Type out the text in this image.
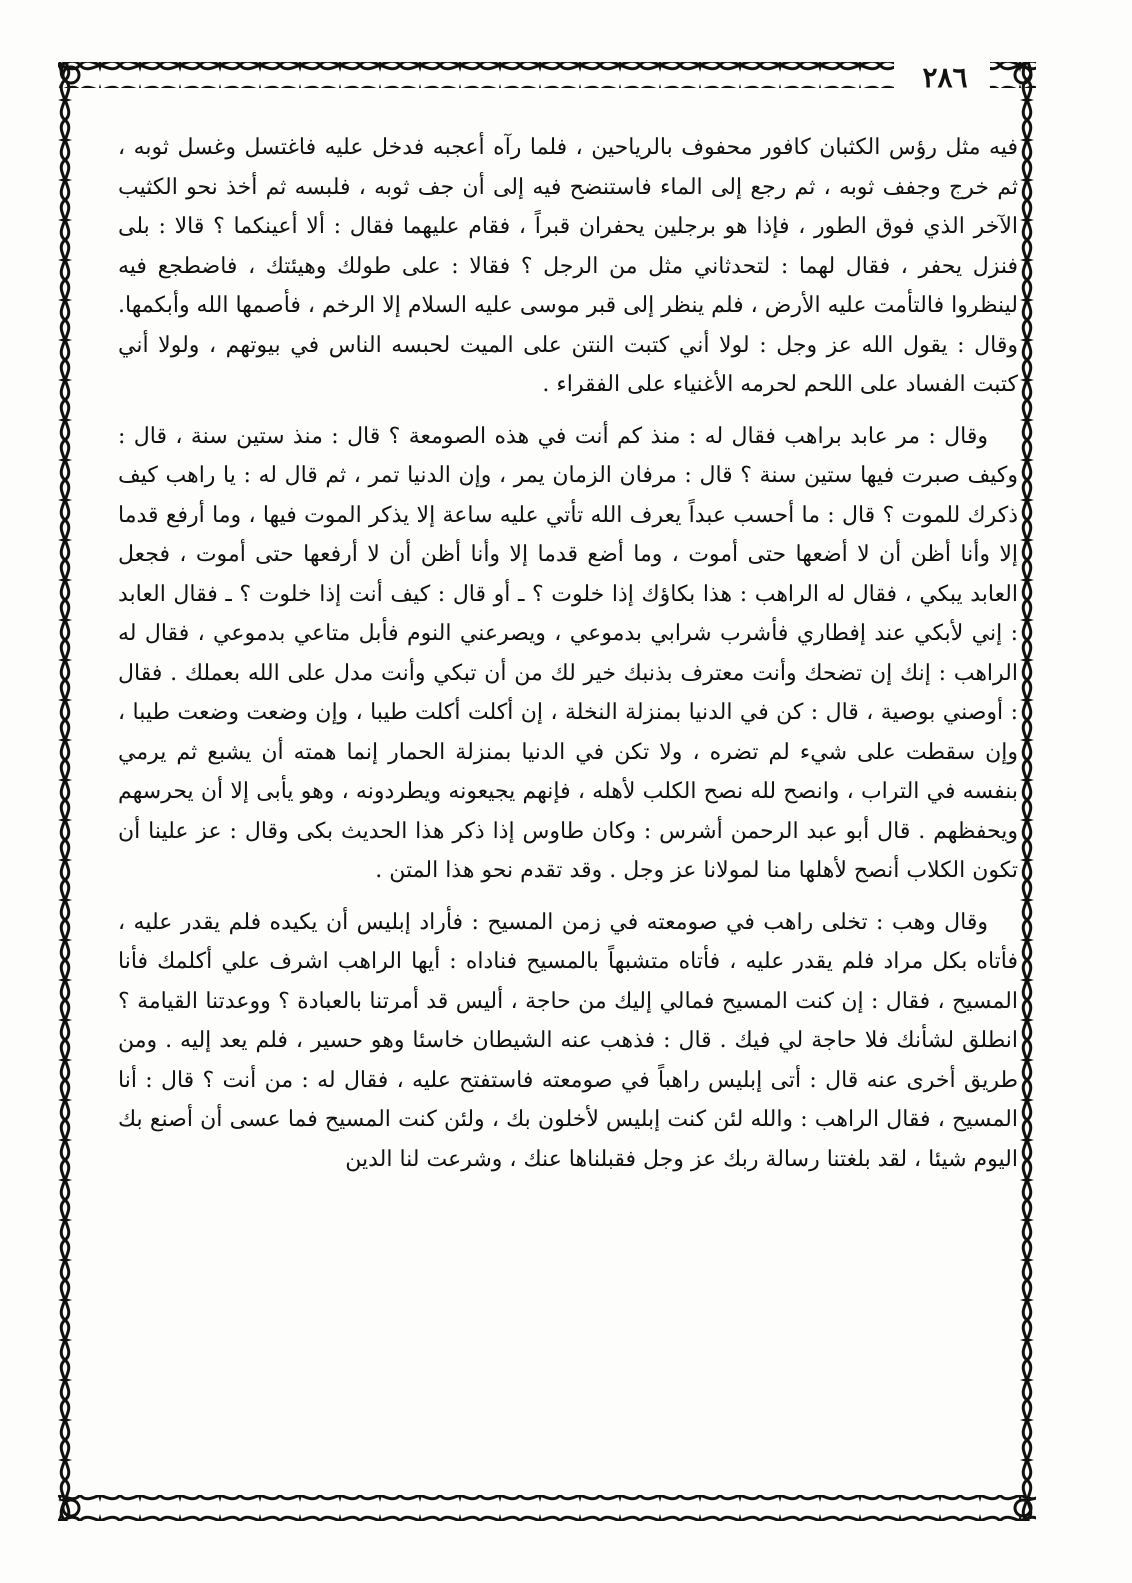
٢٨٦

فيه مثل رؤس الكثبان كافور محفوف بالرياحين ، فلما رآه أعجبه فدخل عليه فاغتسل وغسل ثوبه ، ثم خرج وجفف ثوبه ، ثم رجع إلى الماء فاستنضح فيه إلى أن جف ثوبه ، فلبسه ثم أخذ نحو الكثيب الآخر الذي فوق الطور ، فإذا هو برجلين يحفران قبراً ، فقام عليهما فقال : ألا أعينكما ؟ قالا : بلى فنزل يحفر ، فقال لهما : لتحدثاني مثل من الرجل ؟ فقالا : على طولك وهيئتك ، فاضطجع فيه لينظروا فالتأمت عليه الأرض ، فلم ينظر إلى قبر موسى عليه السلام إلا الرخم ، فأصمها الله وأبكمها. وقال : يقول الله عز وجل : لولا أني كتبت النتن على الميت لحبسه الناس في بيوتهم ، ولولا أني كتبت الفساد على اللحم لحرمه الأغنياء على الفقراء .

وقال : مر عابد براهب فقال له : منذ كم أنت في هذه الصومعة ؟ قال : منذ ستين سنة ، قال : وكيف صبرت فيها ستين سنة ؟ قال : مرفان الزمان يمر ، وإن الدنيا تمر ، ثم قال له : يا راهب كيف ذكرك للموت ؟ قال : ما أحسب عبداً يعرف الله تأتي عليه ساعة إلا يذكر الموت فيها ، وما أرفع قدما إلا وأنا أظن أن لا أضعها حتى أموت ، وما أضع قدما إلا وأنا أظن أن لا أرفعها حتى أموت ، فجعل العابد يبكي ، فقال له الراهب : هذا بكاؤك إذا خلوت ؟ ـ أو قال : كيف أنت إذا خلوت ؟ ـ فقال العابد : إني لأبكي عند إفطاري فأشرب شرابي بدموعي ، ويصرعني النوم فأبل متاعي بدموعي ، فقال له الراهب : إنك إن تضحك وأنت معترف بذنبك خير لك من أن تبكي وأنت مدل على الله بعملك . فقال : أوصني بوصية ، قال : كن في الدنيا بمنزلة النخلة ، إن أكلت أكلت طيبا ، وإن وضعت وضعت طيبا ، وإن سقطت على شيء لم تضره ، ولا تكن في الدنيا بمنزلة الحمار إنما همته أن يشبع ثم يرمي بنفسه في التراب ، وانصح لله نصح الكلب لأهله ، فإنهم يجيعونه ويطردونه ، وهو يأبى إلا أن يحرسهم ويحفظهم . قال أبو عبد الرحمن أشرس : وكان طاوس إذا ذكر هذا الحديث بكى وقال : عز علينا أن تكون الكلاب أنصح لأهلها منا لمولانا عز وجل . وقد تقدم نحو هذا المتن .

وقال وهب : تخلى راهب في صومعته في زمن المسيح : فأراد إبليس أن يكيده فلم يقدر عليه ، فأتاه بكل مراد فلم يقدر عليه ، فأتاه متشبهاً بالمسيح فناداه : أيها الراهب اشرف علي أكلمك فأنا المسيح ، فقال : إن كنت المسيح فمالي إليك من حاجة ، أليس قد أمرتنا بالعبادة ؟ ووعدتنا القيامة ؟ انطلق لشأنك فلا حاجة لي فيك . قال : فذهب عنه الشيطان خاسئا وهو حسير ، فلم يعد إليه . ومن طريق أخرى عنه قال : أتى إبليس راهباً في صومعته فاستفتح عليه ، فقال له : من أنت ؟ قال : أنا المسيح ، فقال الراهب : والله لئن كنت إبليس لأخلون بك ، ولئن كنت المسيح فما عسى أن أصنع بك اليوم شيئا ، لقد بلغتنا رسالة ربك عز وجل فقبلناها عنك ، وشرعت لنا الدين
